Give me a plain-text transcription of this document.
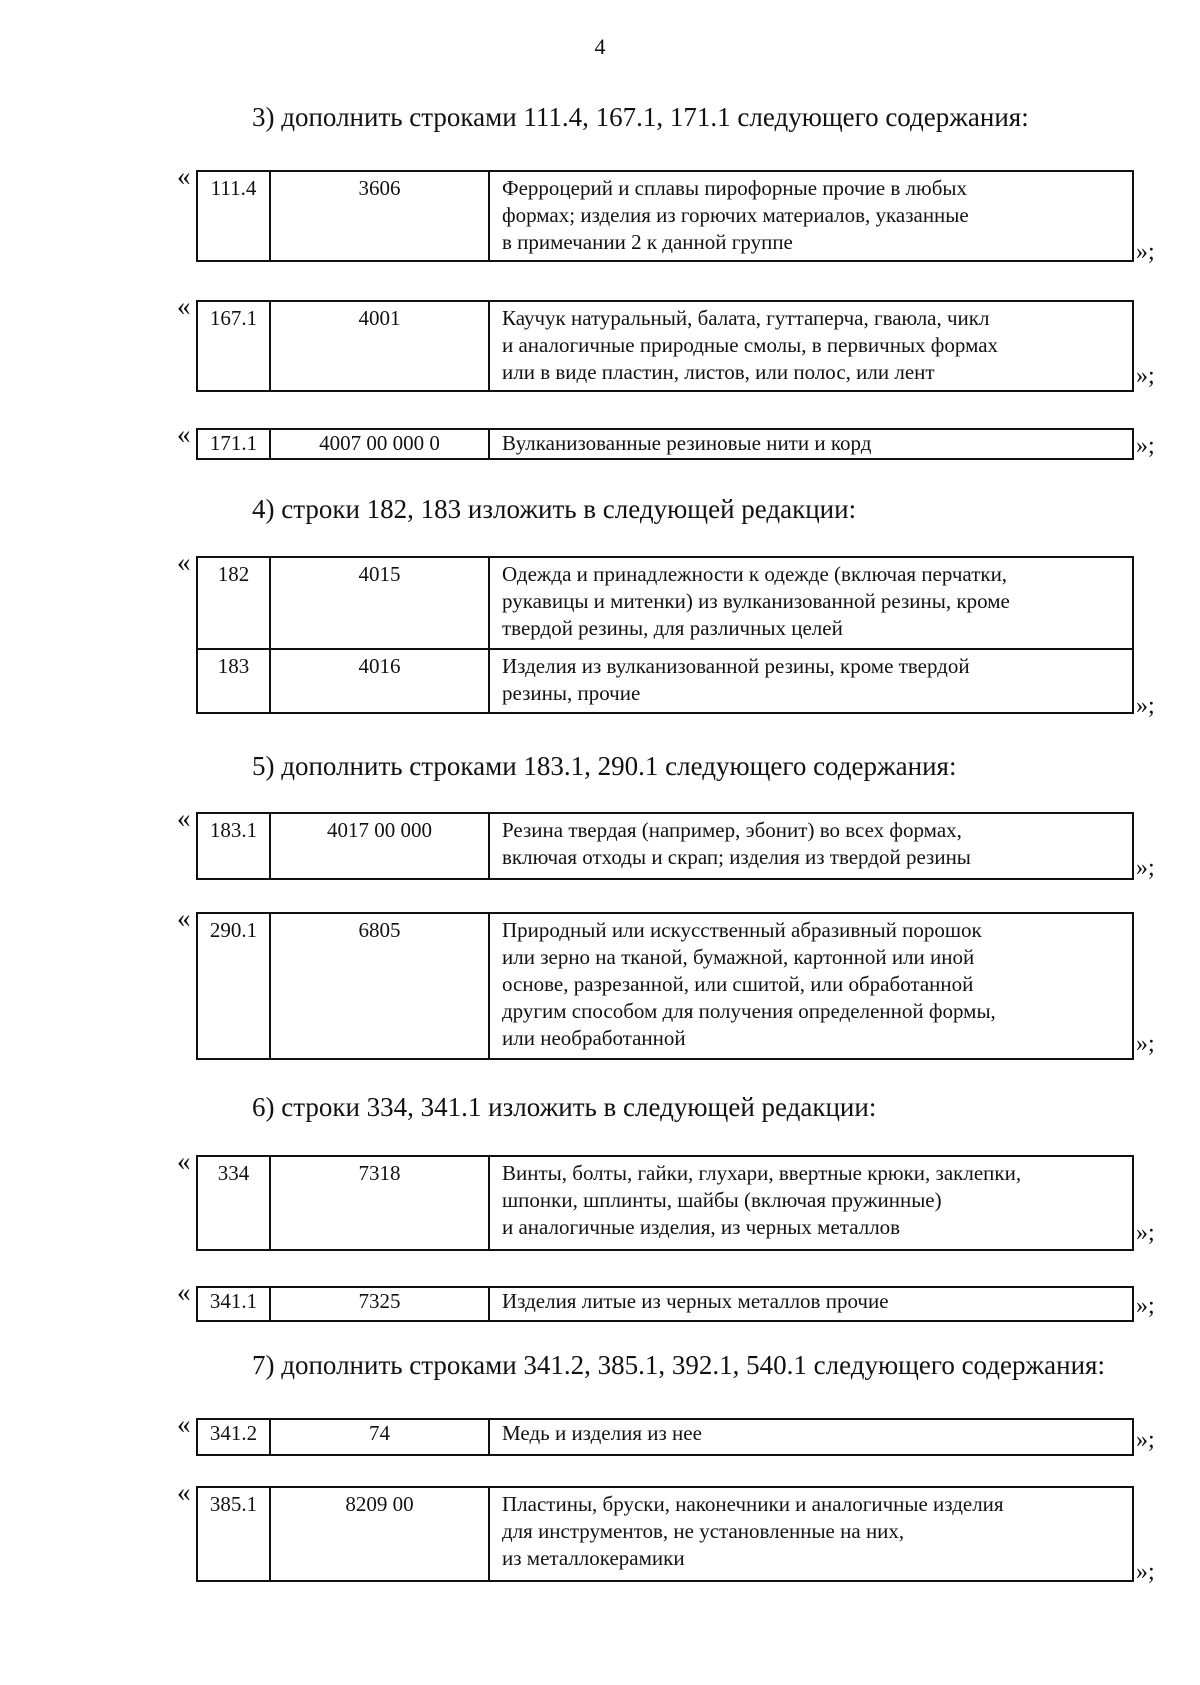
4
3) дополнить строками 111.4, 167.1, 171.1 следующего содержания:
« 111.4	3606	Ферроцерий и сплавы пирофорные прочие в любых
формах; изделия из горючих материалов, указанные
в примечании 2 к данной группе	»;
« 167.1	4001	Каучук натуральный, балата, гуттаперча, гваюла, чикл
и аналогичные природные смолы, в первичных формах
или в виде пластин, листов, или полос, или лент	»;
« 171.1	4007 00 000 0	Вулканизованные резиновые нити и корд	»;
4) строки 182, 183 изложить в следующей редакции:
« 182	4015	Одежда и принадлежности к одежде (включая перчатки,
рукавицы и митенки) из вулканизованной резины, кроме
твердой резины, для различных целей

183	4016	Изделия из вулканизованной резины, кроме твердой
резины, прочие	»;
5) дополнить строками 183.1, 290.1 следующего содержания:
« 183.1	4017 00 000	Резина твердая (например, эбонит) во всех формах,
включая отходы и скрап; изделия из твердой резины	»;
« 290.1	6805	Природный или искусственный абразивный порошок
или зерно на тканой, бумажной, картонной или иной
основе, разрезанной, или сшитой, или обработанной
другим способом для получения определенной формы,
или необработанной	»;
6) строки 334, 341.1 изложить в следующей редакции:
« 334	7318	Винты, болты, гайки, глухари, ввертные крюки, заклепки,
шпонки, шплинты, шайбы (включая пружинные)
и аналогичные изделия, из черных металлов	»;
« 341.1	7325	Изделия литые из черных металлов прочие	»;
7) дополнить строками 341.2, 385.1, 392.1, 540.1 следующего содержания:
« 341.2	74	Медь и изделия из нее	»;
« 385.1	8209 00	Пластины, бруски, наконечники и аналогичные изделия
для инструментов, не установленные на них,
из металлокерамики
»;
